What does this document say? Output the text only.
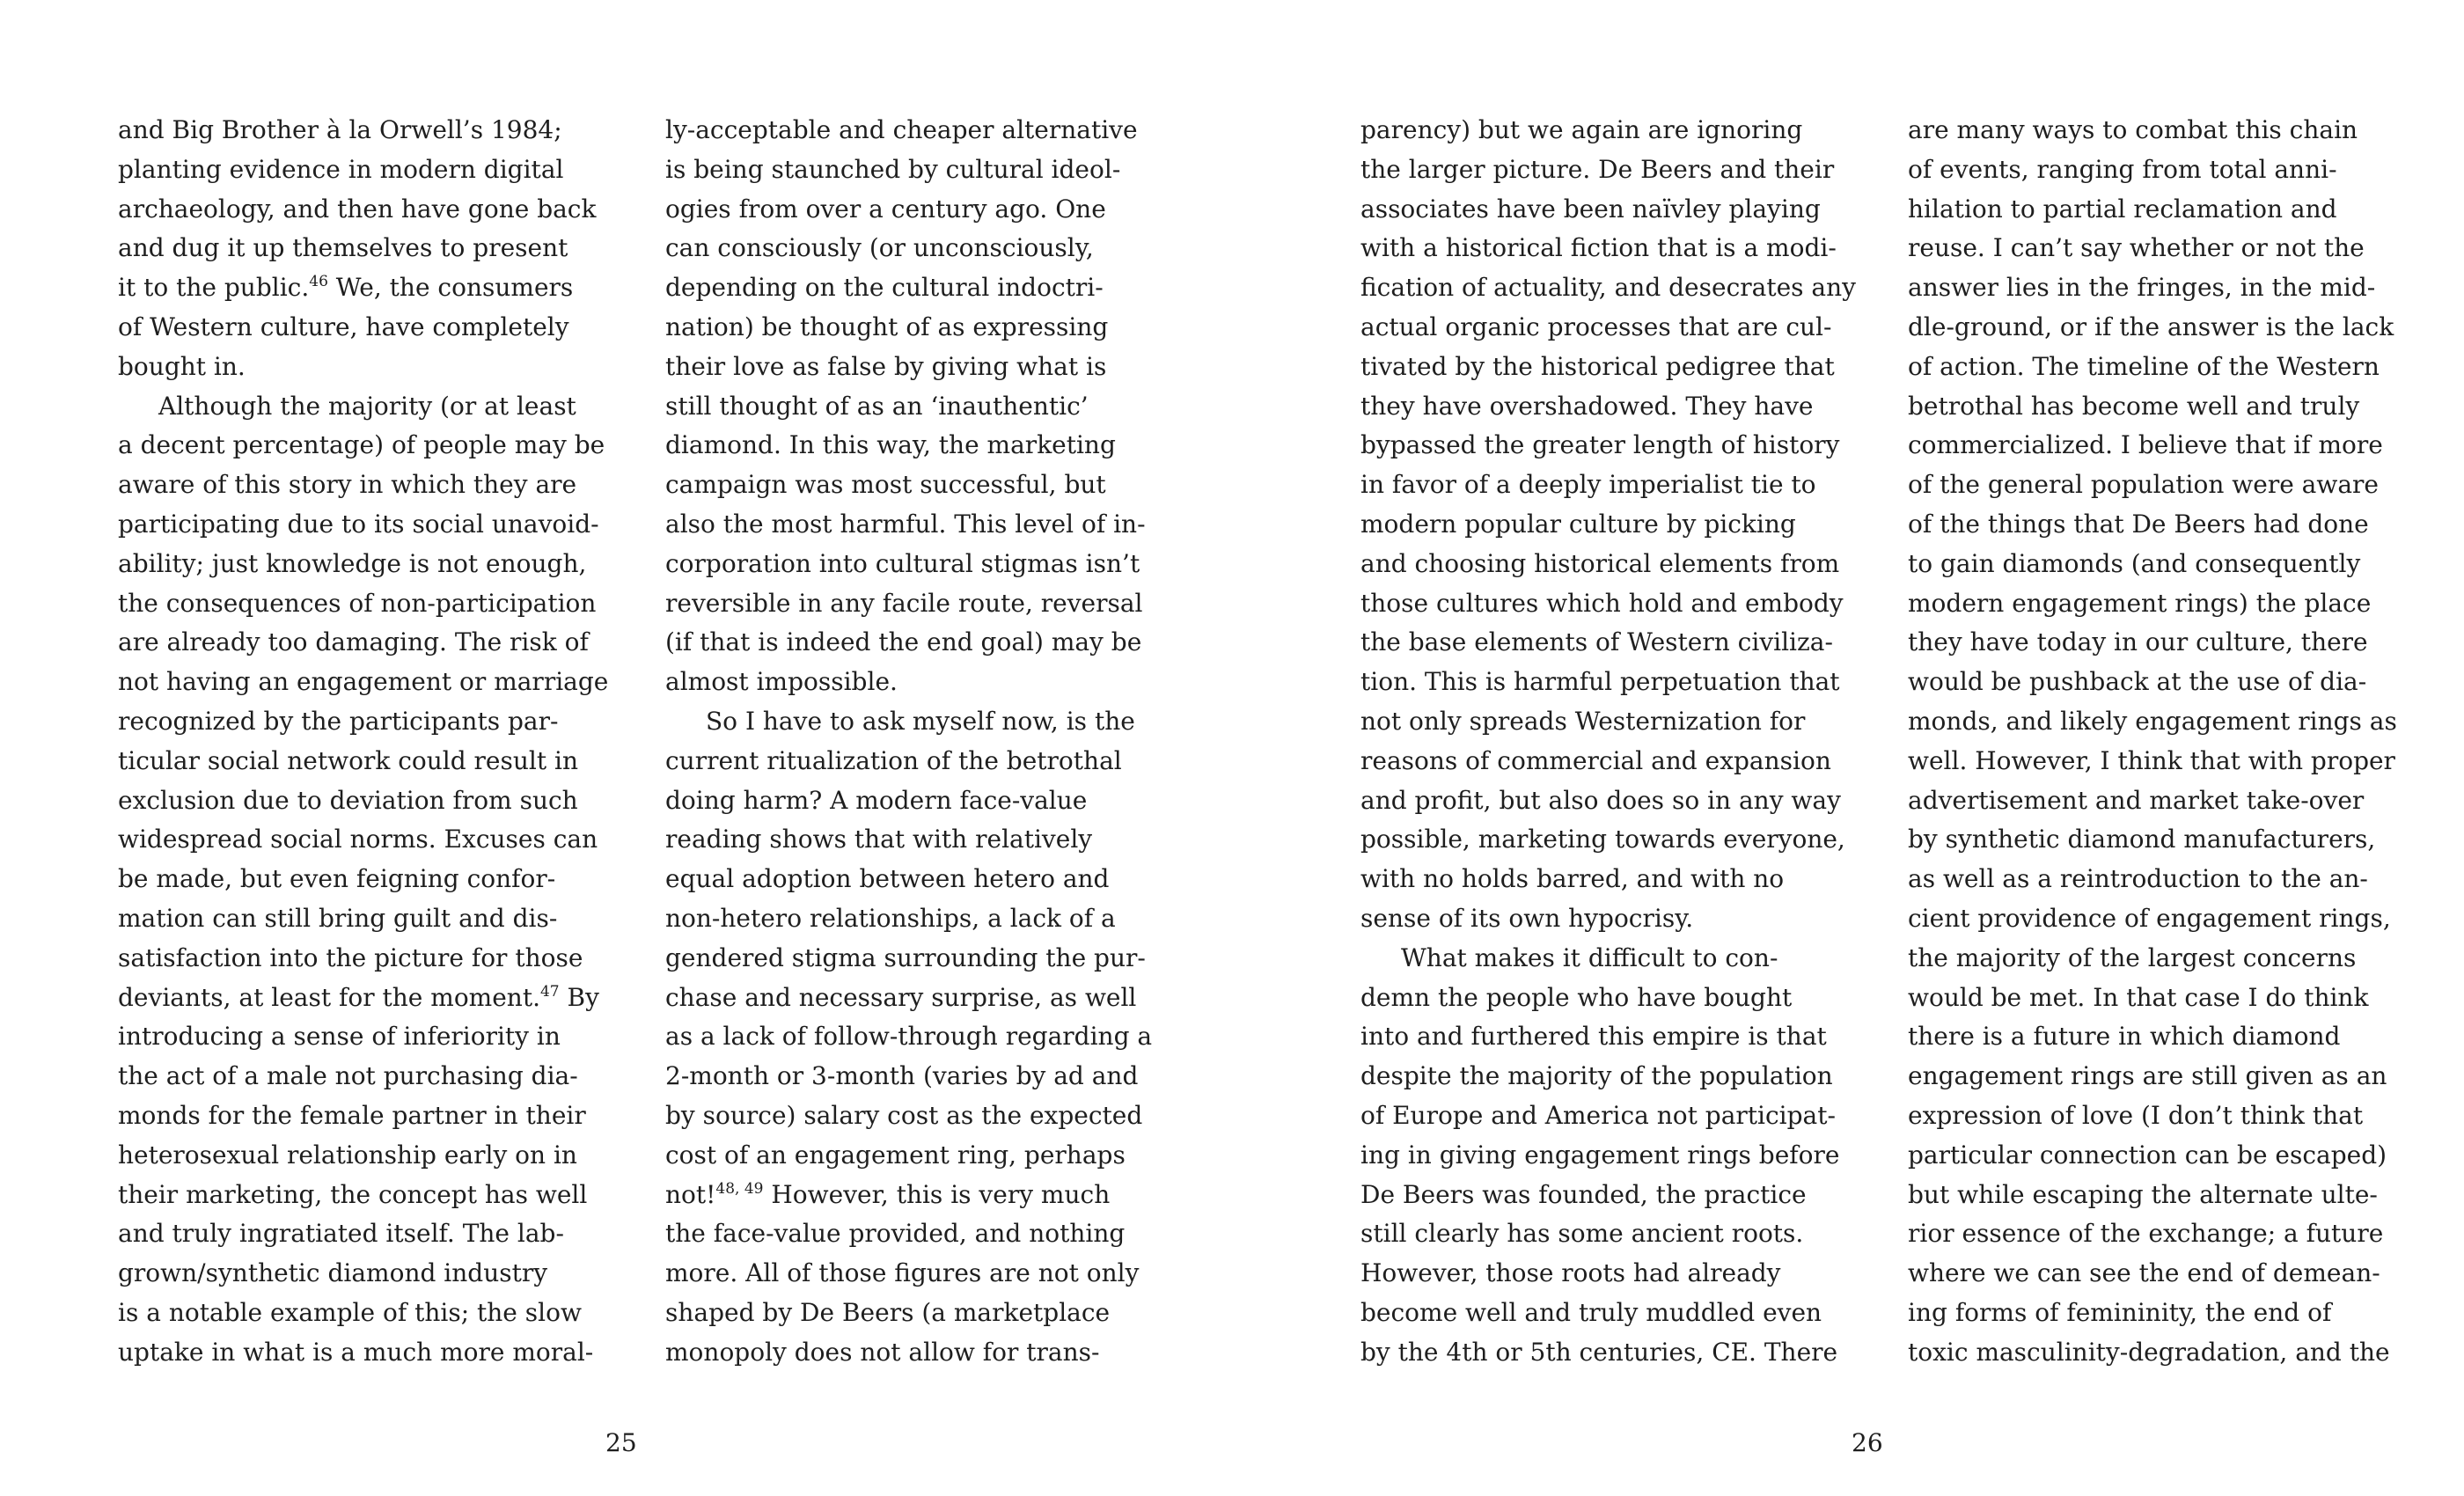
and Big Brother à la Orwell’s 1984;
planting evidence in modern digital
archaeology, and then have gone back
and dug it up themselves to present
it to the public.$^{46}$ We, the consumers
of Western culture, have completely
bought in.
Although the majority (or at least
a decent percentage) of people may be
aware of this story in which they are
participating due to its social unavoid-
ability; just knowledge is not enough,
the consequences of non-participation
are already too damaging. The risk of
not having an engagement or marriage
recognized by the participants par-
ticular social network could result in
exclusion due to deviation from such
widespread social norms. Excuses can
be made, but even feigning confor-
mation can still bring guilt and dis-
satisfaction into the picture for those
deviants, at least for the moment.$^{47}$ By
introducing a sense of inferiority in
the act of a male not purchasing dia-
monds for the female partner in their
heterosexual relationship early on in
their marketing, the concept has well
and truly ingratiated itself. The lab-
grown/synthetic diamond industry
is a notable example of this; the slow
uptake in what is a much more moral-

ly-acceptable and cheaper alternative
is being staunched by cultural ideol-
ogies from over a century ago. One
can consciously (or unconsciously,
depending on the cultural indoctri-
nation) be thought of as expressing
their love as false by giving what is
still thought of as an ‘inauthentic’
diamond. In this way, the marketing
campaign was most successful, but
also the most harmful. This level of in-
corporation into cultural stigmas isn’t
reversible in any facile route, reversal
(if that is indeed the end goal) may be
almost impossible.
So I have to ask myself now, is the
current ritualization of the betrothal
doing harm? A modern face-value
reading shows that with relatively
equal adoption between hetero and
non-hetero relationships, a lack of a
gendered stigma surrounding the pur-
chase and necessary surprise, as well
as a lack of follow-through regarding a
2-month or 3-month (varies by ad and
by source) salary cost as the expected
cost of an engagement ring, perhaps
not!$^{48, 49}$ However, this is very much
the face-value provided, and nothing
more. All of those figures are not only
shaped by De Beers (a marketplace
monopoly does not allow for trans-

25

parency) but we again are ignoring
the larger picture. De Beers and their
associates have been naïvley playing
with a historical fiction that is a modi-
fication of actuality, and desecrates any
actual organic processes that are cul-
tivated by the historical pedigree that
they have overshadowed. They have
bypassed the greater length of history
in favor of a deeply imperialist tie to
modern popular culture by picking
and choosing historical elements from
those cultures which hold and embody
the base elements of Western civiliza-
tion. This is harmful perpetuation that
not only spreads Westernization for
reasons of commercial and expansion
and profit, but also does so in any way
possible, marketing towards everyone,
with no holds barred, and with no
sense of its own hypocrisy.
What makes it difficult to con-
demn the people who have bought
into and furthered this empire is that
despite the majority of the population
of Europe and America not participat-
ing in giving engagement rings before
De Beers was founded, the practice
still clearly has some ancient roots.
However, those roots had already
become well and truly muddled even
by the 4th or 5th centuries, CE. There

are many ways to combat this chain
of events, ranging from total anni-
hilation to partial reclamation and
reuse. I can’t say whether or not the
answer lies in the fringes, in the mid-
dle-ground, or if the answer is the lack
of action. The timeline of the Western
betrothal has become well and truly
commercialized. I believe that if more
of the general population were aware
of the things that De Beers had done
to gain diamonds (and consequently
modern engagement rings) the place
they have today in our culture, there
would be pushback at the use of dia-
monds, and likely engagement rings as
well. However, I think that with proper
advertisement and market take-over
by synthetic diamond manufacturers,
as well as a reintroduction to the an-
cient providence of engagement rings,
the majority of the largest concerns
would be met. In that case I do think
there is a future in which diamond
engagement rings are still given as an
expression of love (I don’t think that
particular connection can be escaped)
but while escaping the alternate ulte-
rior essence of the exchange; a future
where we can see the end of demean-
ing forms of femininity, the end of
toxic masculinity-degradation, and the

26
